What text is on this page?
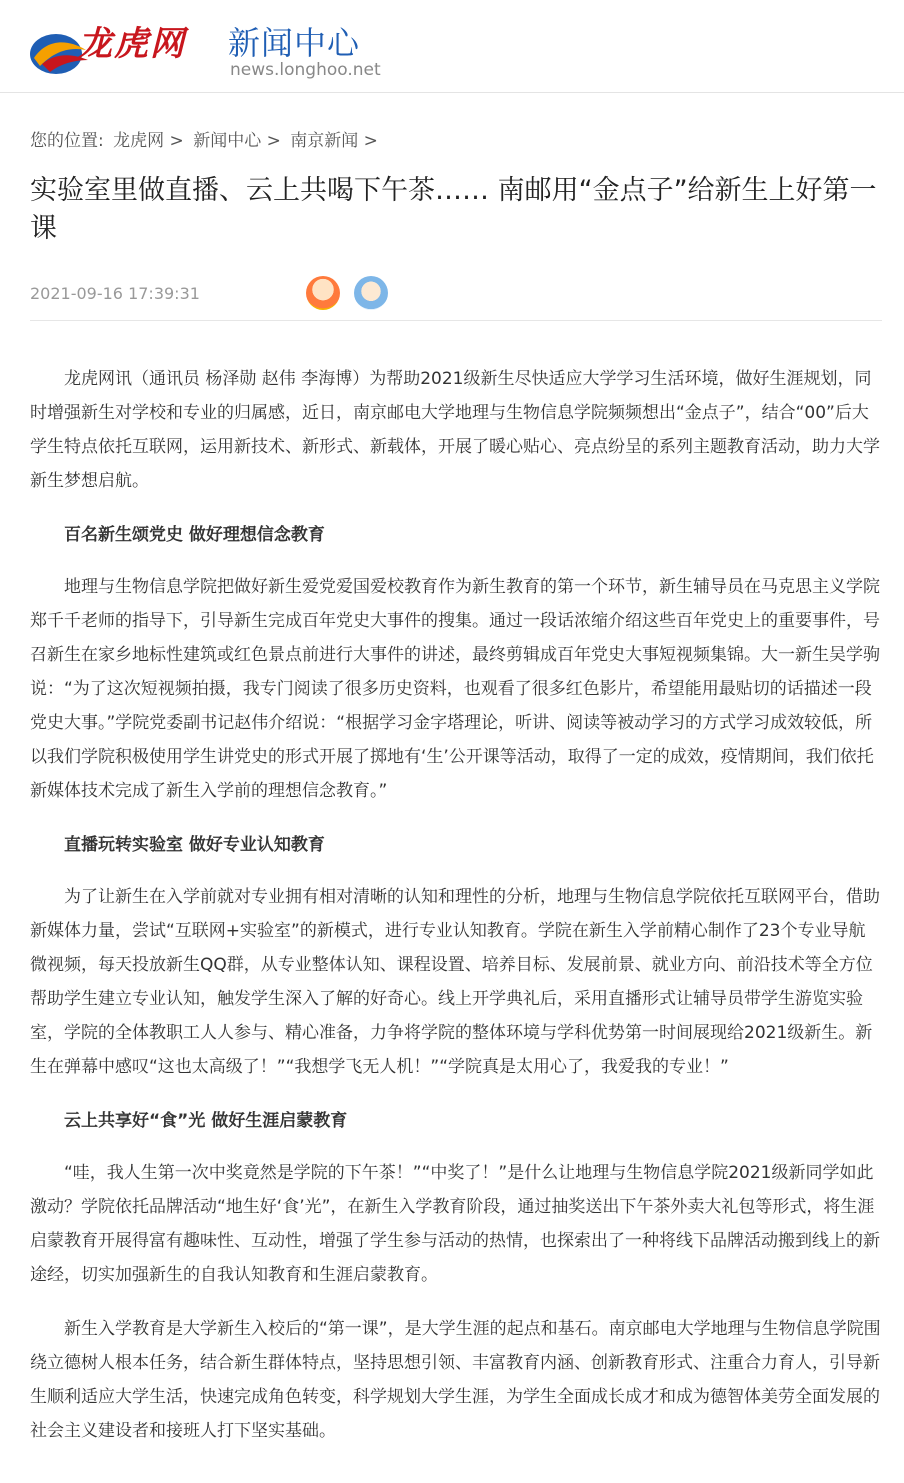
龙虎网 新闻中心
news.longhoo.net
您的位置: 龙虎网 > 新闻中心 > 南京新闻 >
实验室里做直播、云上共喝下午茶…… 南邮用“金点子”给新生上好第一课
2021-09-16 17:39:31

龙虎网讯（通讯员 杨泽勋 赵伟 李海博）为帮助2021级新生尽快适应大学学习生活环境，做好生涯规划，同时增强新生对学校和专业的归属感，近日，南京邮电大学地理与生物信息学院频频想出“金点子”，结合“00”后大学生特点依托互联网，运用新技术、新形式、新载体，开展了暖心贴心、亮点纷呈的系列主题教育活动，助力大学新生梦想启航。

百名新生颂党史 做好理想信念教育

地理与生物信息学院把做好新生爱党爱国爱校教育作为新生教育的第一个环节，新生辅导员在马克思主义学院郑千千老师的指导下，引导新生完成百年党史大事件的搜集。通过一段话浓缩介绍这些百年党史上的重要事件，号召新生在家乡地标性建筑或红色景点前进行大事件的讲述，最终剪辑成百年党史大事短视频集锦。大一新生吴学驹说：“为了这次短视频拍摄，我专门阅读了很多历史资料，也观看了很多红色影片，希望能用最贴切的话描述一段党史大事。”学院党委副书记赵伟介绍说：“根据学习金字塔理论，听讲、阅读等被动学习的方式学习成效较低，所以我们学院积极使用学生讲党史的形式开展了掷地有‘生’公开课等活动，取得了一定的成效，疫情期间，我们依托新媒体技术完成了新生入学前的理想信念教育。”

直播玩转实验室 做好专业认知教育

为了让新生在入学前就对专业拥有相对清晰的认知和理性的分析，地理与生物信息学院依托互联网平台，借助新媒体力量，尝试“互联网+实验室”的新模式，进行专业认知教育。学院在新生入学前精心制作了23个专业导航微视频，每天投放新生QQ群，从专业整体认知、课程设置、培养目标、发展前景、就业方向、前沿技术等全方位帮助学生建立专业认知，触发学生深入了解的好奇心。线上开学典礼后，采用直播形式让辅导员带学生游览实验室，学院的全体教职工人人参与、精心准备，力争将学院的整体环境与学科优势第一时间展现给2021级新生。新生在弹幕中感叹“这也太高级了！”“我想学飞无人机！”“学院真是太用心了，我爱我的专业！”

云上共享好“食”光 做好生涯启蒙教育

“哇，我人生第一次中奖竟然是学院的下午茶！”“中奖了！”是什么让地理与生物信息学院2021级新同学如此激动？学院依托品牌活动“地生好‘食’光”，在新生入学教育阶段，通过抽奖送出下午茶外卖大礼包等形式，将生涯启蒙教育开展得富有趣味性、互动性，增强了学生参与活动的热情，也探索出了一种将线下品牌活动搬到线上的新途经，切实加强新生的自我认知教育和生涯启蒙教育。

新生入学教育是大学新生入校后的“第一课”，是大学生涯的起点和基石。南京邮电大学地理与生物信息学院围绕立德树人根本任务，结合新生群体特点，坚持思想引领、丰富教育内涵、创新教育形式、注重合力育人，引导新生顺利适应大学生活，快速完成角色转变，科学规划大学生涯，为学生全面成长成才和成为德智体美劳全面发展的社会主义建设者和接班人打下坚实基础。
